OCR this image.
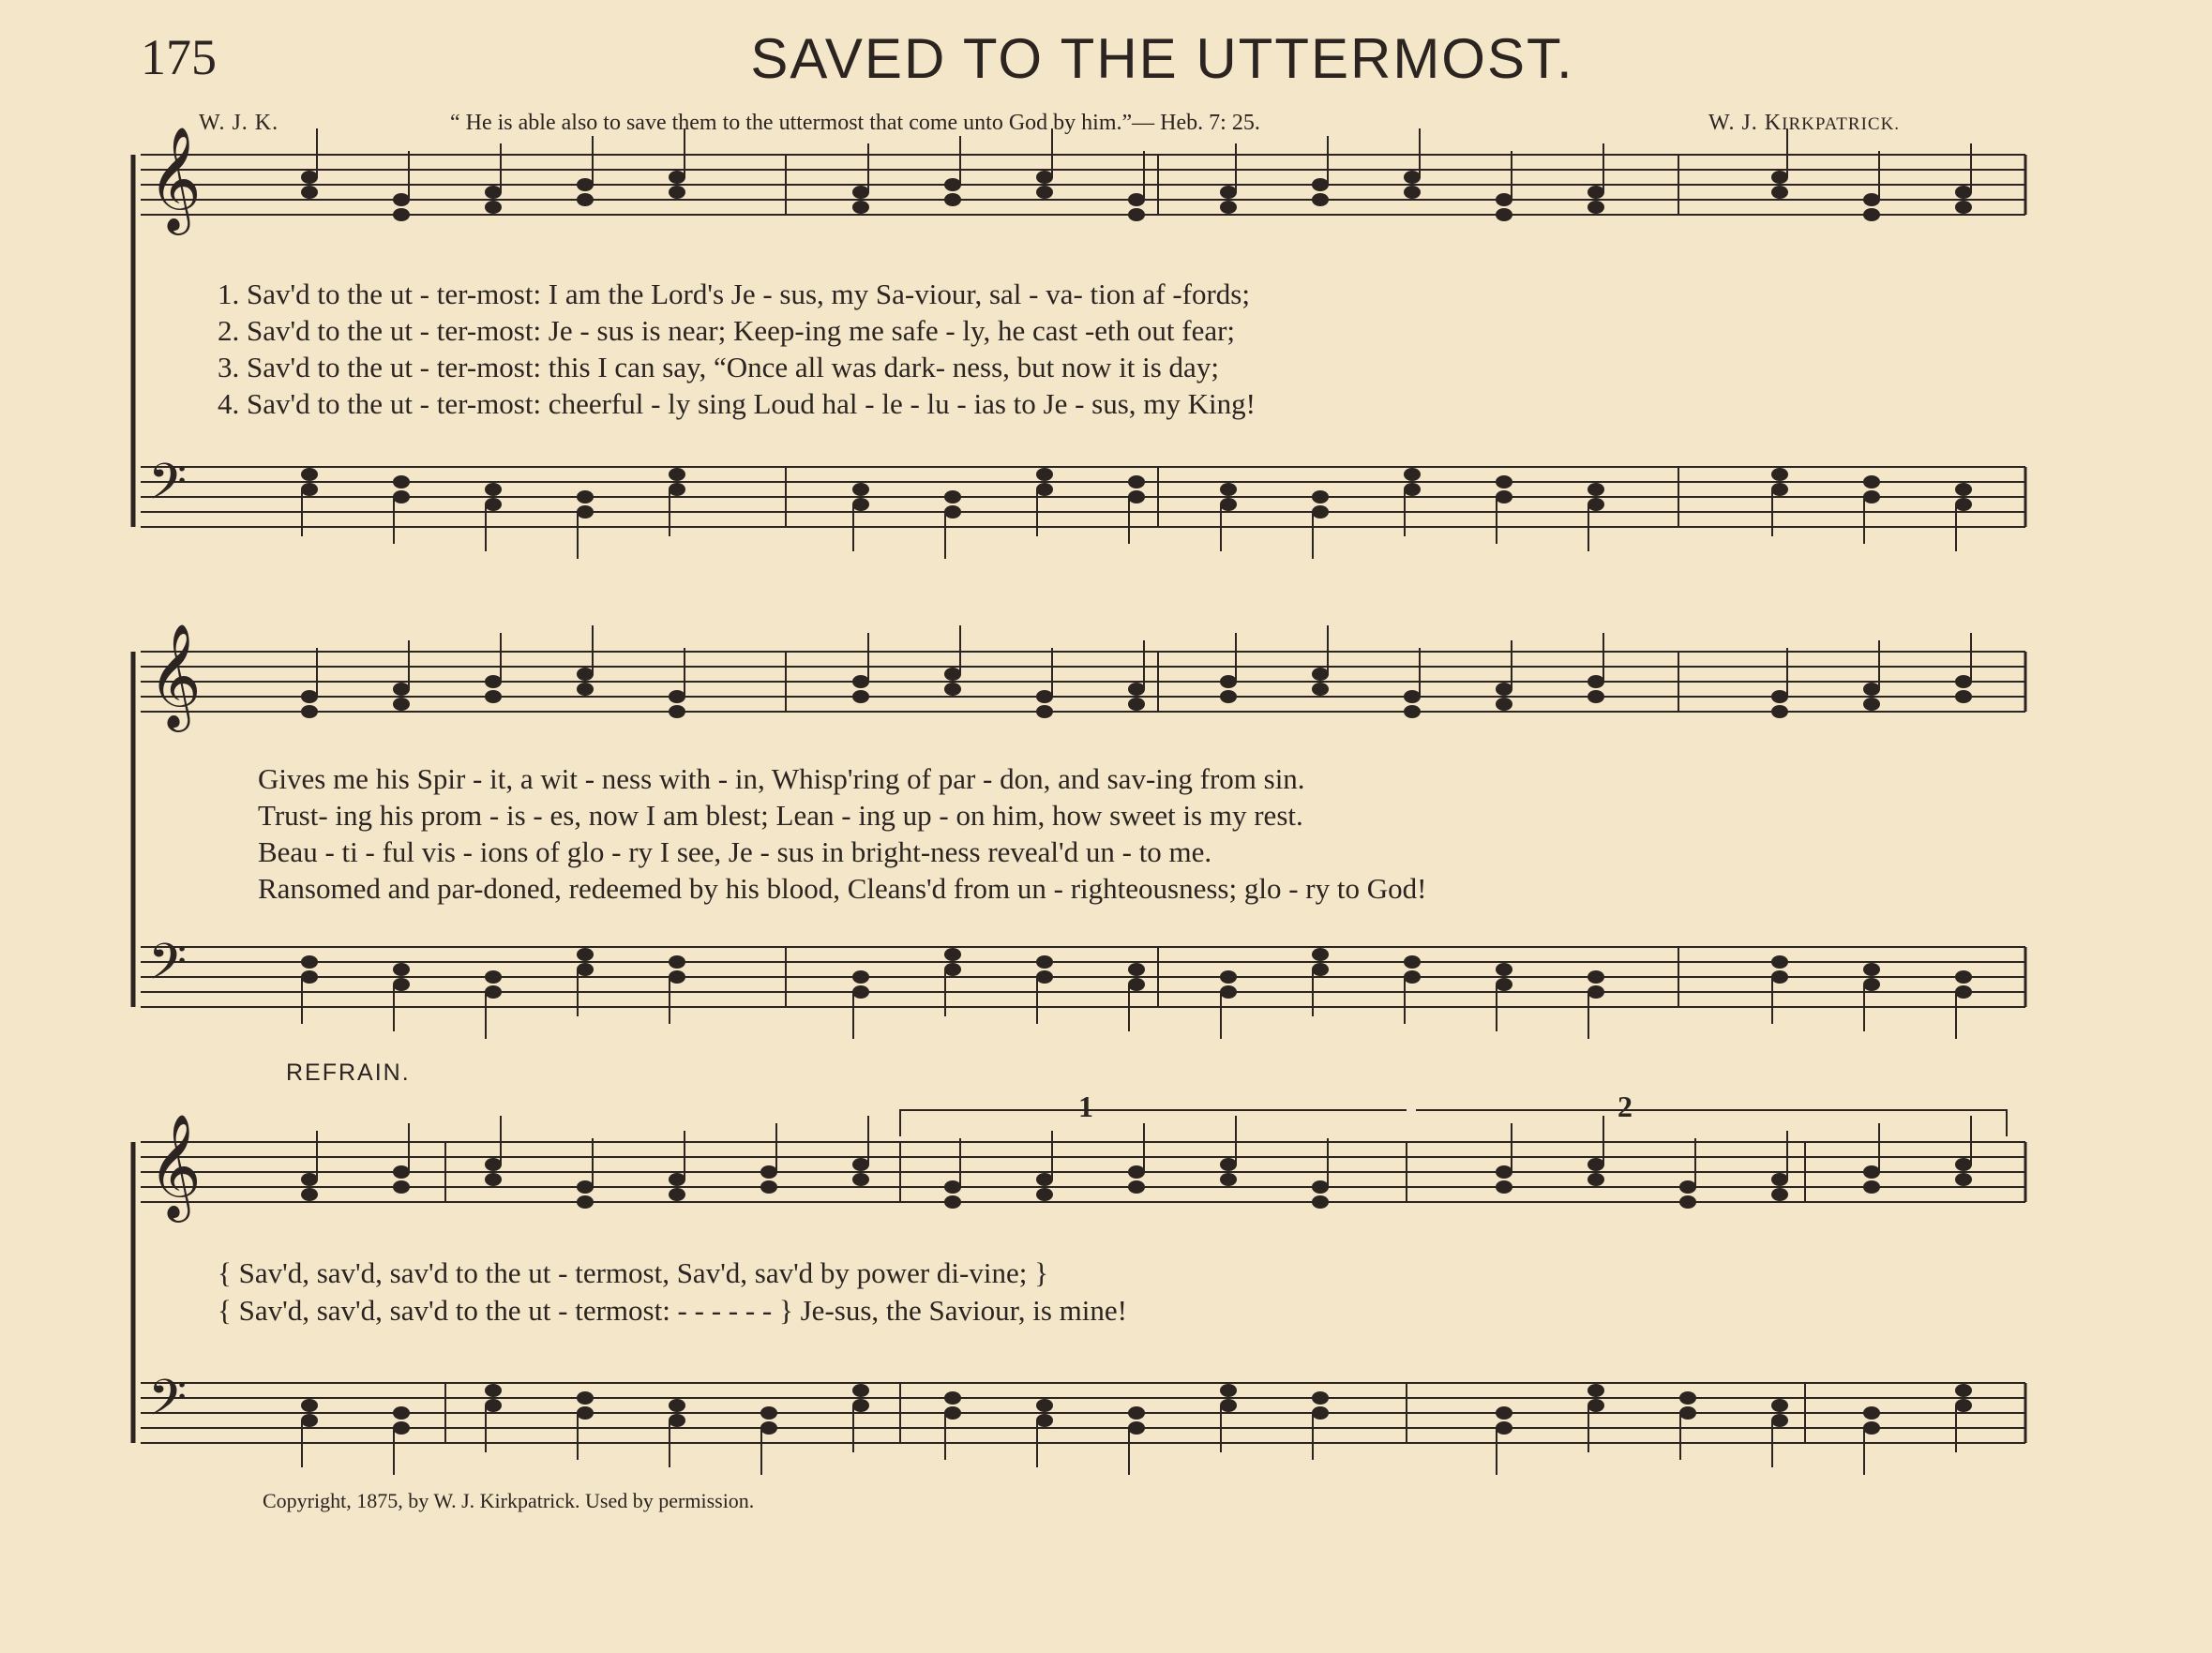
175	SAVED TO THE UTTERMOST.
W. J. K.	“ He is able also to save them to the uttermost that come unto God by him.”— Heb. 7: 25.	W. J. KIRKPATRICK.
𝄞
𝄢
𝄞
𝄢
𝄞
𝄢
1. Sav'd to the ut - ter-most: I am the Lord's Je - sus, my Sa-viour, sal - va- tion af -fords;
2. Sav'd to the ut - ter-most: Je - sus is near; Keep-ing me safe - ly, he cast -eth out fear;
3. Sav'd to the ut - ter-most: this I can say, “Once all was dark- ness, but now it is day;
4. Sav'd to the ut - ter-most: cheerful - ly sing Loud hal - le - lu - ias to Je - sus, my King!
Gives me his Spir - it, a wit - ness with - in, Whisp'ring of par - don, and sav-ing from sin.
Trust- ing his prom - is - es, now I am blest; Lean - ing up - on him, how sweet is my rest.
Beau - ti - ful vis - ions of glo - ry I see, Je - sus in bright-ness reveal'd un - to me.
Ransomed and par-doned, redeemed by his blood, Cleans'd from un - righteousness; glo - ry to God!
REFRAIN.
{ Sav'd, sav'd, sav'd to the ut - termost, Sav'd, sav'd by power di-vine; }
{ Sav'd, sav'd, sav'd to the ut - termost: - - - - - - } Je-sus, the Saviour, is mine!
1	2
Copyright, 1875, by W. J. Kirkpatrick. Used by permission.
